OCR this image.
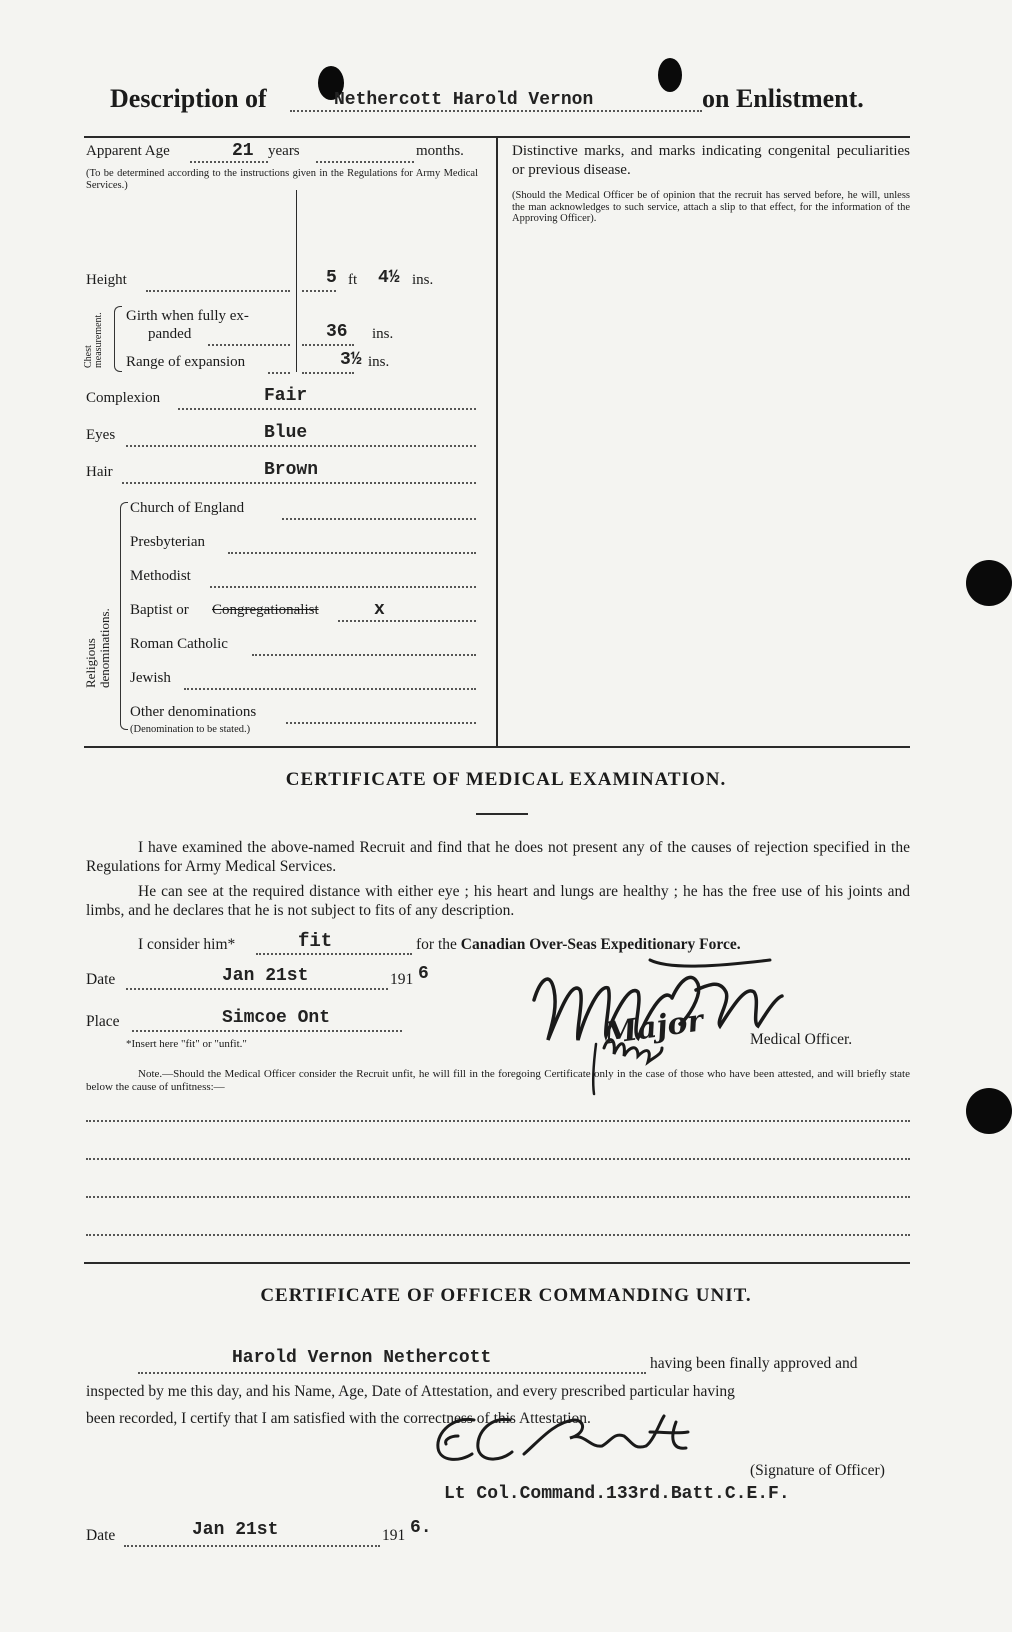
Description of	Nethercott Harold Vernon	on Enlistment.
Apparent Age	21 years	months.
(To be determined according to the instructions given in the Regulations for Army Medical Services.)
Height	5 ft 4½ ins.
Chest measurement. Girth when fully ex-
panded	36 ins.
Range of expansion	3½ ins.
Complexion	Fair
Eyes	Blue
Hair	Brown
Religious denominations.
Church of England
Presbyterian
Methodist
Baptist or Congregationalist	x
Roman Catholic
Jewish
Other denominations
(Denomination to be stated.)
Distinctive marks, and marks indicating congenital peculiarities or previous disease.
(Should the Medical Officer be of opinion that the recruit has served before, he will, unless the man acknowledges to such service, attach a slip to that effect, for the information of the Approving Officer).
CERTIFICATE OF MEDICAL EXAMINATION.
I have examined the above-named Recruit and find that he does not present any of the causes of rejection specified in the Regulations for Army Medical Services.
He can see at the required distance with either eye ; his heart and lungs are healthy ; he has the free use of his joints and limbs, and he declares that he is not subject to fits of any description.
I consider him*	fit	for the Canadian Over-Seas Expeditionary Force.
Date	Jan 21st	191 6
Place	Simcoe Ont
*Insert here "fit" or "unfit."	Medical Officer.
Major
Note.—Should the Medical Officer consider the Recruit unfit, he will fill in the foregoing Certificate only in the case of those who have been attested, and will briefly state below the cause of unfitness:—
CERTIFICATE OF OFFICER COMMANDING UNIT.
Harold Vernon Nethercott	having been finally approved and
inspected by me this day, and his Name, Age, Date of Attestation, and every prescribed particular having
been recorded, I certify that I am satisfied with the correctness of this Attestation.
(Signature of Officer)
Lt Col.Command.133rd.Batt.C.E.F.
Date	Jan 21st	191 6.
